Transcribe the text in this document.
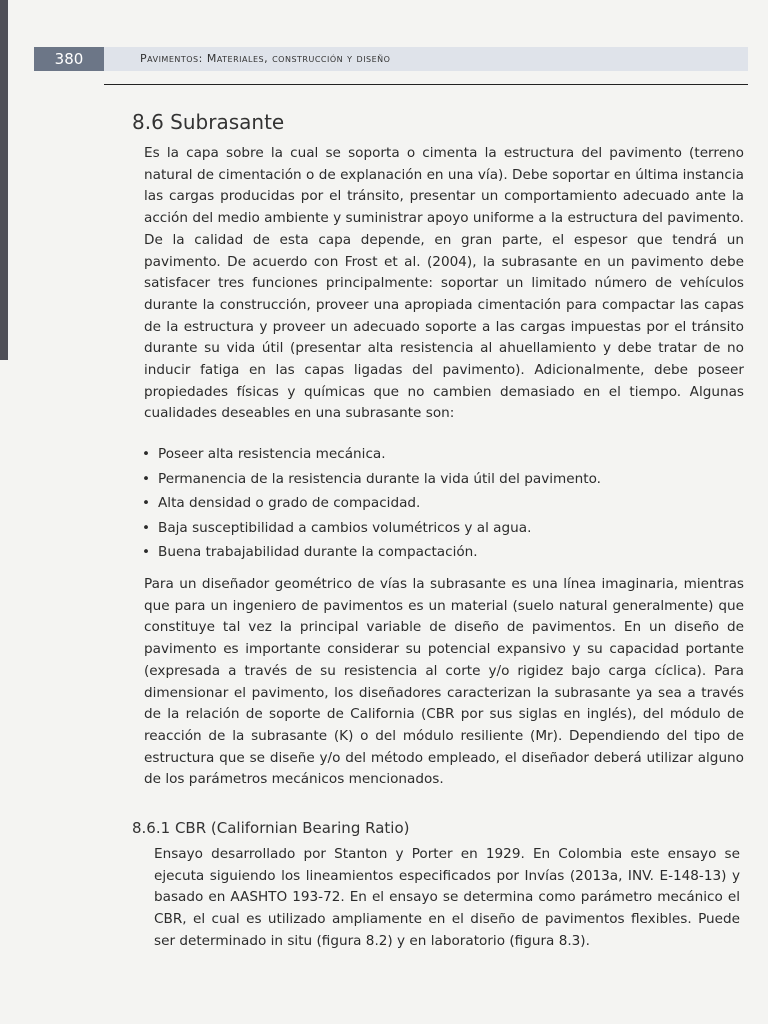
380	Pavimentos: Materiales, construcción y diseño
8.6 Subrasante

Es la capa sobre la cual se soporta o cimenta la estructura del pavimento (terreno natural de cimentación o de explanación en una vía). Debe soportar en última instancia las cargas producidas por el tránsito, presentar un comportamiento adecuado ante la acción del medio ambiente y suministrar apoyo uniforme a la estructura del pavimento. De la calidad de esta capa depende, en gran parte, el espesor que tendrá un pavimento. De acuerdo con Frost et al. (2004), la subrasante en un pavimento debe satisfacer tres funciones principalmente: soportar un limitado número de vehículos durante la construcción, proveer una apropiada cimentación para compactar las capas de la estructura y proveer un adecuado soporte a las cargas impuestas por el tránsito durante su vida útil (presentar alta resistencia al ahuellamiento y debe tratar de no inducir fatiga en las capas ligadas del pavimento). Adicionalmente, debe poseer propiedades físicas y químicas que no cambien demasiado en el tiempo. Algunas cualidades deseables en una subrasante son:

• Poseer alta resistencia mecánica.
• Permanencia de la resistencia durante la vida útil del pavimento.
• Alta densidad o grado de compacidad.
• Baja susceptibilidad a cambios volumétricos y al agua.
• Buena trabajabilidad durante la compactación.

Para un diseñador geométrico de vías la subrasante es una línea imaginaria, mientras que para un ingeniero de pavimentos es un material (suelo natural generalmente) que constituye tal vez la principal variable de diseño de pavimentos. En un diseño de pavimento es importante considerar su potencial expansivo y su capacidad portante (expresada a través de su resistencia al corte y/o rigidez bajo carga cíclica). Para dimensionar el pavimento, los diseñadores caracterizan la subrasante ya sea a través de la relación de soporte de California (CBR por sus siglas en inglés), del módulo de reacción de la subrasante (K) o del módulo resiliente (Mr). Dependiendo del tipo de estructura que se diseñe y/o del método empleado, el diseñador deberá utilizar alguno de los parámetros mecánicos mencionados.

8.6.1 CBR (Californian Bearing Ratio)

Ensayo desarrollado por Stanton y Porter en 1929. En Colombia este ensayo se ejecuta siguiendo los lineamientos especificados por Invías (2013a, INV. E-148-13) y basado en AASHTO 193-72. En el ensayo se determina como parámetro mecánico el CBR, el cual es utilizado ampliamente en el diseño de pavimentos flexibles. Puede ser determinado in situ (figura 8.2) y en laboratorio (figura 8.3).
